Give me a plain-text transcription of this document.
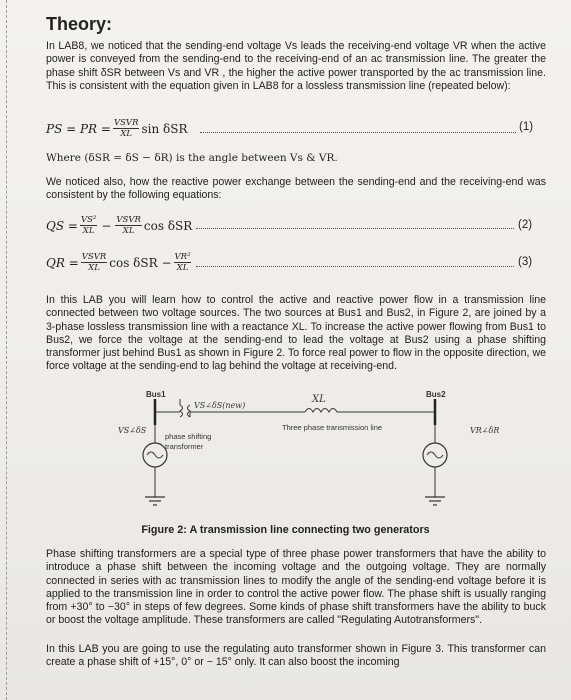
Theory:
In LAB8, we noticed that the sending-end voltage Vs leads the receiving-end voltage VR when the active power is conveyed from the sending-end to the receiving-end of an ac transmission line. The greater the phase shift δSR between Vs and VR , the higher the active power transported by the ac transmission line. This is consistent with the equation given in LAB8 for a lossless transmission line (repeated below):
PS = PR = $\frac{\text{VSVR}}{XL}$ sin δSR	(1)
Where (δSR = δS − δR) is the angle between Vs & VR.
We noticed also, how the reactive power exchange between the sending-end and the receiving-end was consistent by the following equations:
QS = $\frac{\text{VS²}}{XL} - \frac{\text{VSVR}}{XL}$ cos δSR	(2)
QR = $\frac{\text{VSVR}}{XL}$ $\cos \delta SR - \frac{\text{VR²}}{XL}$	(3)
In this LAB you will learn how to control the active and reactive power flow in a transmission line connected between two voltage sources. The two sources at Bus1 and Bus2, in Figure 2, are joined by a 3-phase lossless transmission line with a reactance XL. To increase the active power flowing from Bus1 to Bus2, we force the voltage at the sending-end to lead the voltage at Bus2 using a phase shifting transformer just behind Bus1 as shown in Figure 2. To force real power to flow in the opposite direction, we force voltage at the sending-end to lag behind the voltage at receiving-end.
Bus1	Bus2
XL
VS∠δS(new)
VS∠δS	VR∠δR
Three phase transmission line
phase shifting transformer
Figure 2: A transmission line connecting two generators
Phase shifting transformers are a special type of three phase power transformers that have the ability to introduce a phase shift between the incoming voltage and the outgoing voltage. They are normally connected in series with ac transmission lines to modify the angle of the sending-end voltage before it is applied to the transmission line in order to control the active power flow. The phase shift is usually ranging from +30° to −30° in steps of few degrees. Some kinds of phase shift transformers have the ability to buck or boost the voltage amplitude. These transformers are called "Regulating Autotransformers".
In this LAB you are going to use the regulating auto transformer shown in Figure 3. This transformer can create a phase shift of +15°, 0° or − 15° only. It can also boost the incoming
